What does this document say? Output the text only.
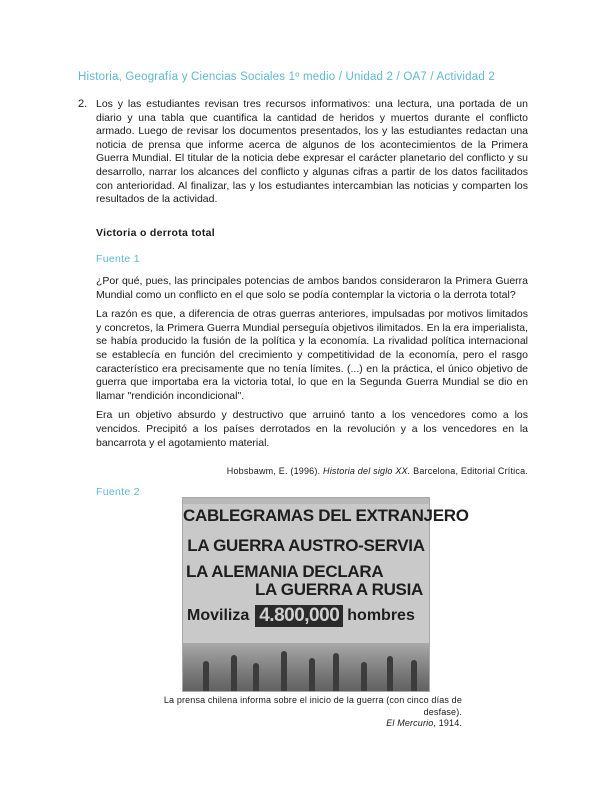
Historia, Geografía y Ciencias Sociales 1º medio / Unidad 2 / OA7 / Actividad 2
2. Los y las estudiantes revisan tres recursos informativos: una lectura, una portada de un diario y una tabla que cuantifica la cantidad de heridos y muertos durante el conflicto armado. Luego de revisar los documentos presentados, los y las estudiantes redactan una noticia de prensa que informe acerca de algunos de los acontecimientos de la Primera Guerra Mundial. El titular de la noticia debe expresar el carácter planetario del conflicto y su desarrollo, narrar los alcances del conflicto y algunas cifras a partir de los datos facilitados con anterioridad. Al finalizar, las y los estudiantes intercambian las noticias y comparten los resultados de la actividad.
Victoria o derrota total
Fuente 1

¿Por qué, pues, las principales potencias de ambos bandos consideraron la Primera Guerra Mundial como un conflicto en el que solo se podía contemplar la victoria o la derrota total?

La razón es que, a diferencia de otras guerras anteriores, impulsadas por motivos limitados y concretos, la Primera Guerra Mundial perseguía objetivos ilimitados. En la era imperialista, se había producido la fusión de la política y la economía. La rivalidad política internacional se establecía en función del crecimiento y competitividad de la economía, pero el rasgo característico era precisamente que no tenía límites. (...) en la práctica, el único objetivo de guerra que importaba era la victoria total, lo que en la Segunda Guerra Mundial se dio en llamar "rendición incondicional".

Era un objetivo absurdo y destructivo que arruinó tanto a los vencedores como a los vencidos. Precipitó a los países derrotados en la revolución y a los vencedores en la bancarrota y el agotamiento material.

Hobsbawm, E. (1996). Historia del siglo XX. Barcelona, Editorial Crítica.
Fuente 2
CABLEGRAMAS DEL EXTRANJERO
LA GUERRA AUSTRO-SERVIA
LA ALEMANIA DECLARA
LA GUERRA A RUSIA
Moviliza 4.800,000 hombres
La prensa chilena informa sobre el inicio de la guerra (con cinco días de desfase).
El Mercurio, 1914.
